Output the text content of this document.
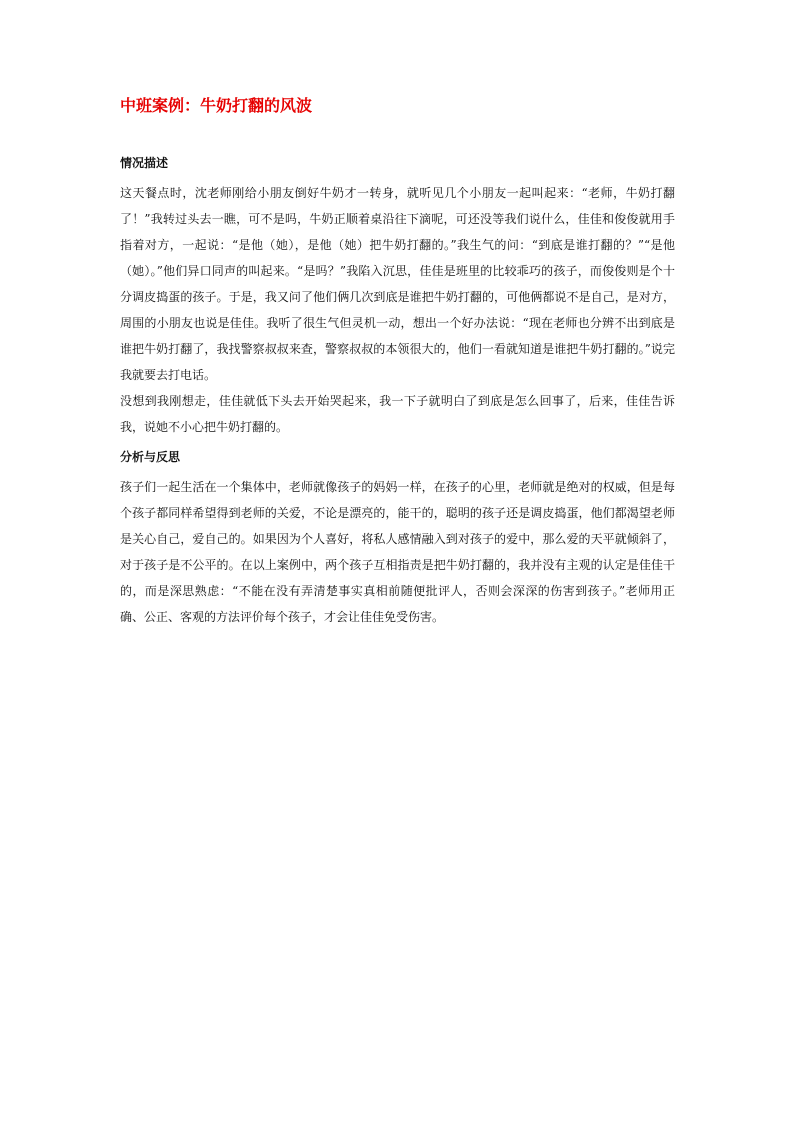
中班案例：牛奶打翻的风波
情况描述

这天餐点时，沈老师刚给小朋友倒好牛奶才一转身，就听见几个小朋友一起叫起来：“老师，牛奶打翻了！”我转过头去一瞧，可不是吗，牛奶正顺着桌沿往下滴呢，可还没等我们说什么，佳佳和俊俊就用手指着对方，一起说：“是他（她），是他（她）把牛奶打翻的。”我生气的问：“到底是谁打翻的？”“是他（她）。”他们异口同声的叫起来。“是吗？”我陷入沉思，佳佳是班里的比较乖巧的孩子，而俊俊则是个十分调皮捣蛋的孩子。于是，我又问了他们俩几次到底是谁把牛奶打翻的，可他俩都说不是自己，是对方，周围的小朋友也说是佳佳。我听了很生气但灵机一动，想出一个好办法说：“现在老师也分辨不出到底是谁把牛奶打翻了，我找警察叔叔来查，警察叔叔的本领很大的，他们一看就知道是谁把牛奶打翻的。”说完我就要去打电话。

没想到我刚想走，佳佳就低下头去开始哭起来，我一下子就明白了到底是怎么回事了，后来，佳佳告诉我，说她不小心把牛奶打翻的。

分析与反思

孩子们一起生活在一个集体中，老师就像孩子的妈妈一样，在孩子的心里，老师就是绝对的权威，但是每个孩子都同样希望得到老师的关爱，不论是漂亮的，能干的，聪明的孩子还是调皮捣蛋，他们都渴望老师是关心自己，爱自己的。如果因为个人喜好，将私人感情融入到对孩子的爱中，那么爱的天平就倾斜了，对于孩子是不公平的。在以上案例中，两个孩子互相指责是把牛奶打翻的，我并没有主观的认定是佳佳干的，而是深思熟虑：“不能在没有弄清楚事实真相前随便批评人，否则会深深的伤害到孩子。”老师用正确、公正、客观的方法评价每个孩子，才会让佳佳免受伤害。
